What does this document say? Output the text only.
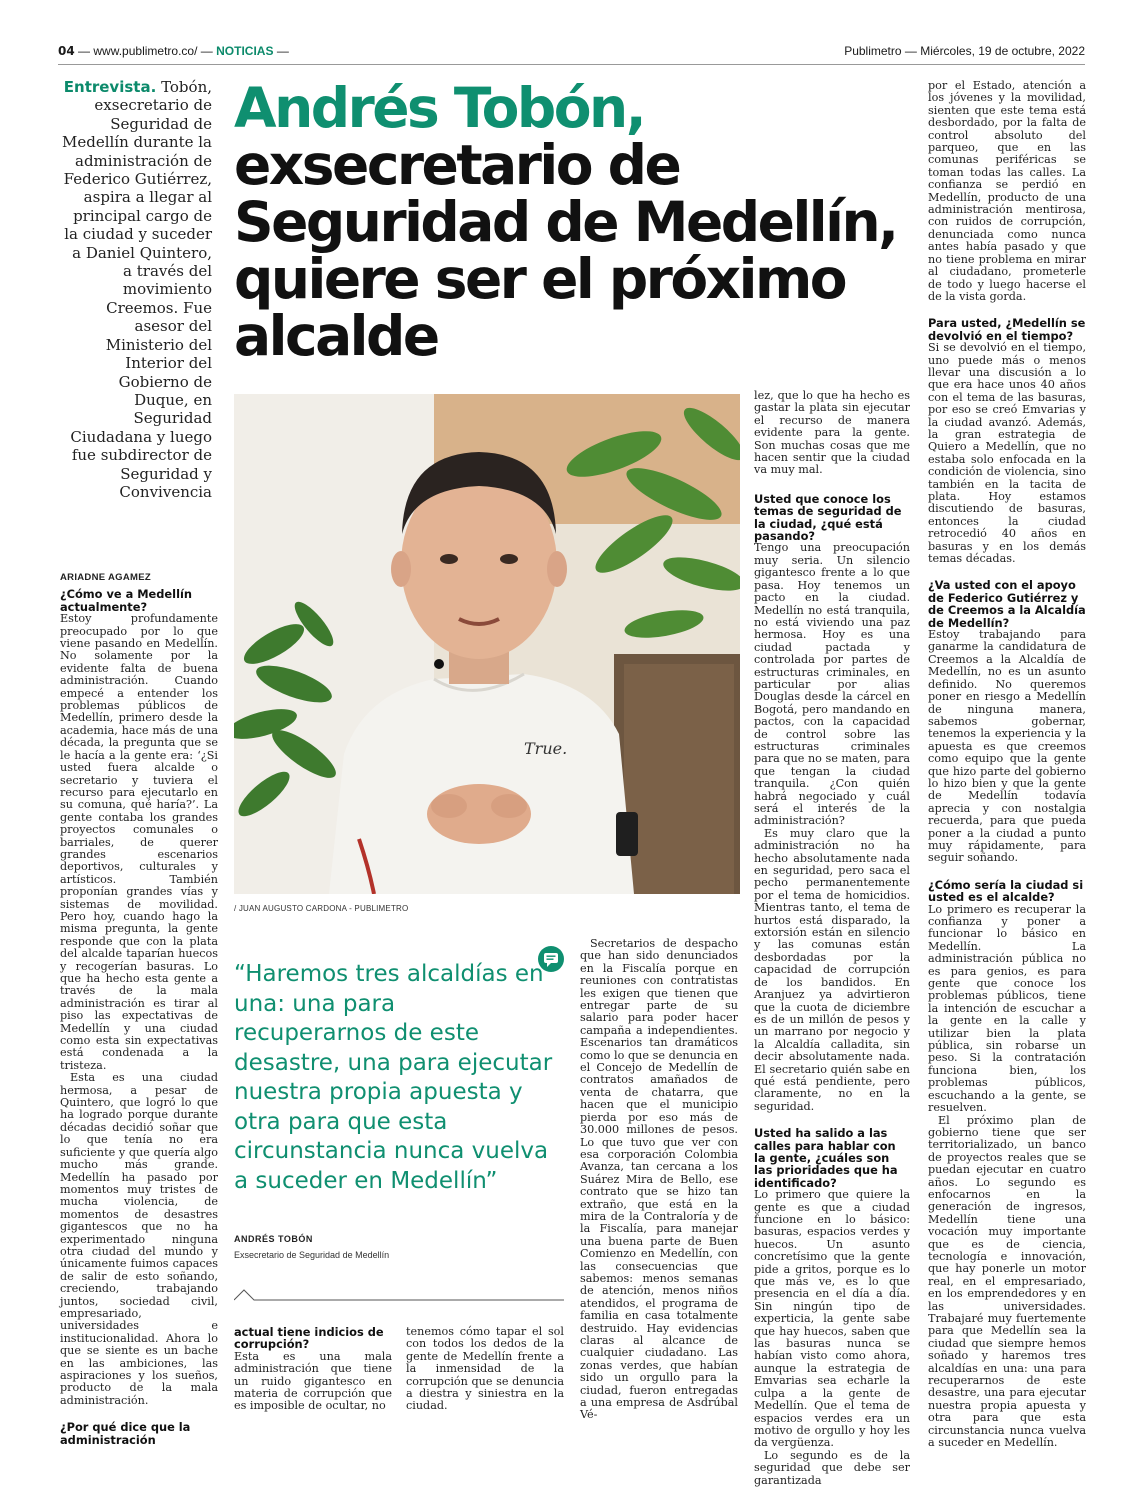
04 — www.publimetro.co/ — NOTICIAS —	Publimetro — Miércoles, 19 de octubre, 2022
Entrevista. Tobón, exsecretario de Seguridad de Medellín durante la administración de Federico Gutiérrez, aspira a llegar al principal cargo de la ciudad y suceder a Daniel Quintero, a través del movimiento Creemos. Fue asesor del Ministerio del Interior del Gobierno de Duque, en Seguridad Ciudadana y luego fue subdirector de Seguridad y Convivencia
Andrés Tobón,
exsecretario de Seguridad de Medellín, quiere ser el próximo alcalde
True.
/ JUAN AUGUSTO CARDONA - PUBLIMETRO
“Haremos tres alcaldías en una: una para recuperarnos de este desastre, una para ejecutar nuestra propia apuesta y otra para que esta circunstancia nunca vuelva a suceder en Medellín”
ANDRÉS TOBÓN
Exsecretario de Seguridad de Medellín
ARIADNE AGAMEZ
¿Cómo ve a Medellín actualmente?

Estoy profundamente preocupado por lo que viene pasando en Medellín. No solamente por la evidente falta de buena administración. Cuando empecé a entender los problemas públicos de Medellín, primero desde la academia, hace más de una década, la pregunta que se le hacía a la gente era: ‘¿Si usted fuera alcalde o secretario y tuviera el recurso para ejecutarlo en su comuna, qué haría?’. La gente contaba los grandes proyectos comunales o barriales, de querer grandes escenarios deportivos, culturales y artísticos. También proponían grandes vías y sistemas de movilidad. Pero hoy, cuando hago la misma pregunta, la gente responde que con la plata del alcalde taparían huecos y recogerían basuras. Lo que ha hecho esta gente a través de la mala administración es tirar al piso las expectativas de Medellín y una ciudad como esta sin expectativas está condenada a la tristeza.

Esta es una ciudad hermosa, a pesar de Quintero, que logró lo que ha logrado porque durante décadas decidió soñar que lo que tenía no era suficiente y que quería algo mucho más grande. Medellín ha pasado por momentos muy tristes de mucha violencia, de momentos de desastres gigantescos que no ha experimentado ninguna otra ciudad del mundo y únicamente fuimos capaces de salir de esto soñando, creciendo, trabajando juntos, sociedad civil, empresariado, universidades e institucionalidad. Ahora lo que se siente es un bache en las ambiciones, las aspiraciones y los sueños, producto de la mala administración.

¿Por qué dice que la administración
actual tiene indicios de corrupción?

Esta es una mala administración que tiene un ruido gigantesco en materia de corrupción que es imposible de ocultar, no

tenemos cómo tapar el sol con todos los dedos de la gente de Medellín frente a la inmensidad de la corrupción que se denuncia a diestra y siniestra en la ciudad.

Secretarios de despacho que han sido denunciados en la Fiscalía porque en reuniones con contratistas les exigen que tienen que entregar parte de su salario para poder hacer campaña a independientes. Escenarios tan dramáticos como lo que se denuncia en el Concejo de Medellín de contratos amañados de venta de chatarra, que hacen que el municipio pierda por eso más de 30.000 millones de pesos. Lo que tuvo que ver con esa corporación Colombia Avanza, tan cercana a los Suárez Mira de Bello, ese contrato que se hizo tan extraño, que está en la mira de la Contraloría y de la Fiscalía, para manejar una buena parte de Buen Comienzo en Medellín, con las consecuencias que sabemos: menos semanas de atención, menos niños atendidos, el programa de familia en casa totalmente destruido. Hay evidencias claras al alcance de cualquier ciudadano. Las zonas verdes, que habían sido un orgullo para la ciudad, fueron entregadas a una empresa de Asdrúbal Vé-

lez, que lo que ha hecho es gastar la plata sin ejecutar el recurso de manera evidente para la gente. Son muchas cosas que me hacen sentir que la ciudad va muy mal.

Usted que conoce los temas de seguridad de la ciudad, ¿qué está pasando?

Tengo una preocupación muy seria. Un silencio gigantesco frente a lo que pasa. Hoy tenemos un pacto en la ciudad. Medellín no está tranquila, no está viviendo una paz hermosa. Hoy es una ciudad pactada y controlada por partes de estructuras criminales, en particular por alias Douglas desde la cárcel en Bogotá, pero mandando en pactos, con la capacidad de control sobre las estructuras criminales para que no se maten, para que tengan la ciudad tranquila. ¿Con quién habrá negociado y cuál será el interés de la administración?

Es muy claro que la administración no ha hecho absolutamente nada en seguridad, pero saca el pecho permanentemente por el tema de homicidios. Mientras tanto, el tema de hurtos está disparado, la extorsión están en silencio y las comunas están desbordadas por la capacidad de corrupción de los bandidos. En Aranjuez ya advirtieron que la cuota de diciembre es de un millón de pesos y un marrano por negocio y la Alcaldía calladita, sin decir absolutamente nada. El secretario quién sabe en qué está pendiente, pero claramente, no en la seguridad.

Usted ha salido a las calles para hablar con la gente, ¿cuáles son las prioridades que ha identificado?

Lo primero que quiere la gente es que a ciudad funcione en lo básico: basuras, espacios verdes y huecos. Un asunto concretísimo que la gente pide a gritos, porque es lo que más ve, es lo que presencia en el día a día. Sin ningún tipo de experticia, la gente sabe que hay huecos, saben que las basuras nunca se habían visto como ahora, aunque la estrategia de Emvarias sea echarle la culpa a la gente de Medellín. Que el tema de espacios verdes era un motivo de orgullo y hoy les da vergüenza.

Lo segundo es de la seguridad que debe ser garantizada

por el Estado, atención a los jóvenes y la movilidad, sienten que este tema está desbordado, por la falta de control absoluto del parqueo, que en las comunas periféricas se toman todas las calles. La confianza se perdió en Medellín, producto de una administración mentirosa, con ruidos de corrupción, denunciada como nunca antes había pasado y que no tiene problema en mirar al ciudadano, prometerle de todo y luego hacerse el de la vista gorda.

Para usted, ¿Medellín se devolvió en el tiempo?

Si se devolvió en el tiempo, uno puede más o menos llevar una discusión a lo que era hace unos 40 años con el tema de las basuras, por eso se creó Emvarias y la ciudad avanzó. Además, la gran estrategia de Quiero a Medellín, que no estaba solo enfocada en la condición de violencia, sino también en la tacita de plata. Hoy estamos discutiendo de basuras, entonces la ciudad retrocedió 40 años en basuras y en los demás temas décadas.

¿Va usted con el apoyo de Federico Gutiérrez y de Creemos a la Alcaldía de Medellín?

Estoy trabajando para ganarme la candidatura de Creemos a la Alcaldía de Medellín, no es un asunto definido. No queremos poner en riesgo a Medellín de ninguna manera, sabemos gobernar, tenemos la experiencia y la apuesta es que creemos como equipo que la gente que hizo parte del gobierno lo hizo bien y que la gente de Medellín todavía aprecia y con nostalgia recuerda, para que pueda poner a la ciudad a punto muy rápidamente, para seguir soñando.

¿Cómo sería la ciudad si usted es el alcalde?

Lo primero es recuperar la confianza y poner a funcionar lo básico en Medellín. La administración pública no es para genios, es para gente que conoce los problemas públicos, tiene la intención de escuchar a la gente en la calle y utilizar bien la plata pública, sin robarse un peso. Si la contratación funciona bien, los problemas públicos, escuchando a la gente, se resuelven.

El próximo plan de gobierno tiene que ser territorializado, un banco de proyectos reales que se puedan ejecutar en cuatro años. Lo segundo es enfocarnos en la generación de ingresos, Medellín tiene una vocación muy importante que es de ciencia, tecnología e innovación, que hay ponerle un motor real, en el empresariado, en los emprendedores y en las universidades. Trabajaré muy fuertemente para que Medellín sea la ciudad que siempre hemos soñado y haremos tres alcaldías en una: una para recuperarnos de este desastre, una para ejecutar nuestra propia apuesta y otra para que esta circunstancia nunca vuelva a suceder en Medellín.
